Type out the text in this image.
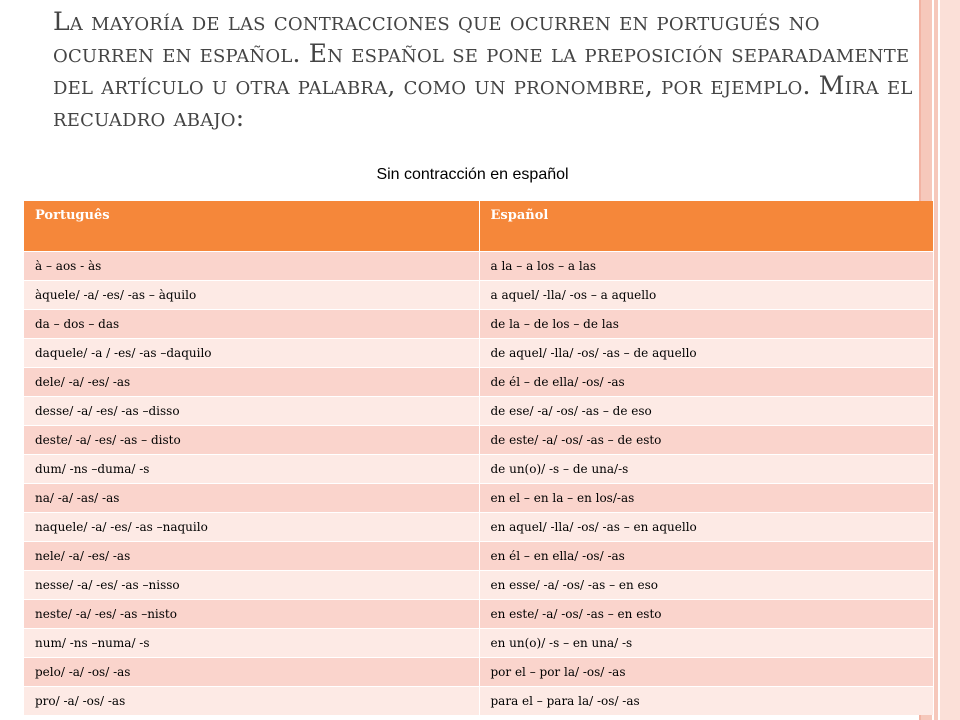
La mayoría de las contracciones que ocurren en portugués no ocurren en español. En español se pone la preposición separadamente del artículo u otra palabra, como un pronombre, por ejemplo. Mira el recuadro abajo:
Sin contracción en español
Português	Español
à – aos - às	a la – a los – a las
àquele/ -a/ -es/ -as – àquilo	a aquel/ -lla/ -os – a aquello
da – dos – das	de la – de los – de las
daquele/ -a / -es/ -as –daquilo	de aquel/ -lla/ -os/ -as – de aquello
dele/ -a/ -es/ -as	de él – de ella/ -os/ -as
desse/ -a/ -es/ -as –disso	de ese/ -a/ -os/ -as – de eso
deste/ -a/ -es/ -as – disto	de este/ -a/ -os/ -as – de esto
dum/ -ns –duma/ -s	de un(o)/ -s – de una/-s
na/ -a/ -as/ -as	en el – en la – en los/-as
naquele/ -a/ -es/ -as –naquilo	en aquel/ -lla/ -os/ -as – en aquello
nele/ -a/ -es/ -as	en él – en ella/ -os/ -as
nesse/ -a/ -es/ -as –nisso	en esse/ -a/ -os/ -as – en eso
neste/ -a/ -es/ -as –nisto	en este/ -a/ -os/ -as – en esto
num/ -ns –numa/ -s	en un(o)/ -s – en una/ -s
pelo/ -a/ -os/ -as	por el – por la/ -os/ -as
pro/ -a/ -os/ -as	para el – para la/ -os/ -as
